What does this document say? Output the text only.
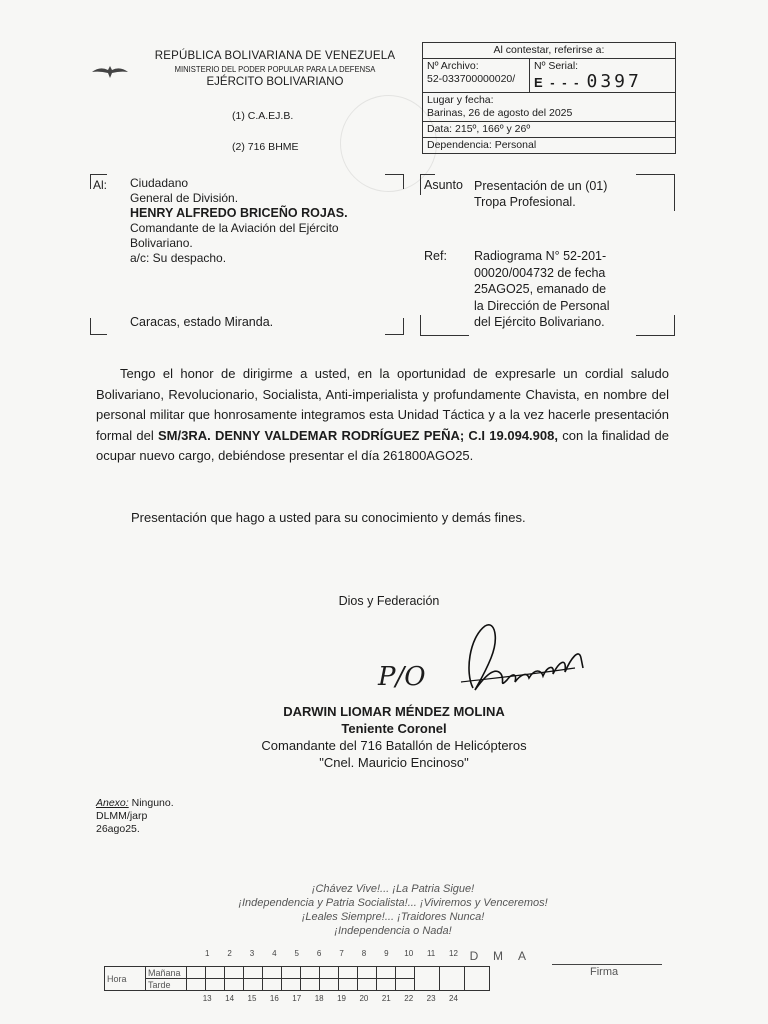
REPÚBLICA BOLIVARIANA DE VENEZUELA
MINISTERIO DEL PODER POPULAR PARA LA DEFENSA
EJÉRCITO BOLIVARIANO
(1) C.A.EJ.B.
(2) 716 BHME
Al contestar, referirse a:
Nº Archivo:
52-033700000020/
Nº Serial:
E - - - 0397
Lugar y fecha:
Barinas, 26 de agosto del 2025
Data: 215º, 166º y 26º
Dependencia: Personal
Al: Ciudadano
General de División.
HENRY ALFREDO BRICEÑO ROJAS.
Comandante de la Aviación del Ejército
Bolivariano.
a/c: Su despacho.
Caracas, estado Miranda.
Asunto Presentación de un (01)
Tropa Profesional.
Ref: Radiograma N° 52-201-
00020/004732 de fecha
25AGO25, emanado de
la Dirección de Personal
del Ejército Bolivariano.
Tengo el honor de dirigirme a usted, en la oportunidad de expresarle un cordial saludo Bolivariano, Revolucionario, Socialista, Anti-imperialista y profundamente Chavista, en nombre del personal militar que honrosamente integramos esta Unidad Táctica y a la vez hacerle presentación formal del SM/3RA. DENNY VALDEMAR RODRÍGUEZ PEÑA; C.I 19.094.908, con la finalidad de ocupar nuevo cargo, debiéndose presentar el día 261800AGO25.
Presentación que hago a usted para su conocimiento y demás fines.
Dios y Federación
P/O
DARWIN LIOMAR MÉNDEZ MOLINA
Teniente Coronel
Comandante del 716 Batallón de Helicópteros
"Cnel. Mauricio Encinoso"
Anexo: Ninguno.
DLMM/jarp
26ago25.
¡Chávez Vive!... ¡La Patria Sigue!
¡Independencia y Patria Socialista!... ¡Viviremos y Venceremos!
¡Leales Siempre!... ¡Traidores Nunca!
¡Independencia o Nada!
1 2 3 4 5 6 7 8 9 10 11 12 D M A
Hora	Mañana															
	Tarde															
13 14 15 16 17 18 19 20 21 22 23 24
Firma
